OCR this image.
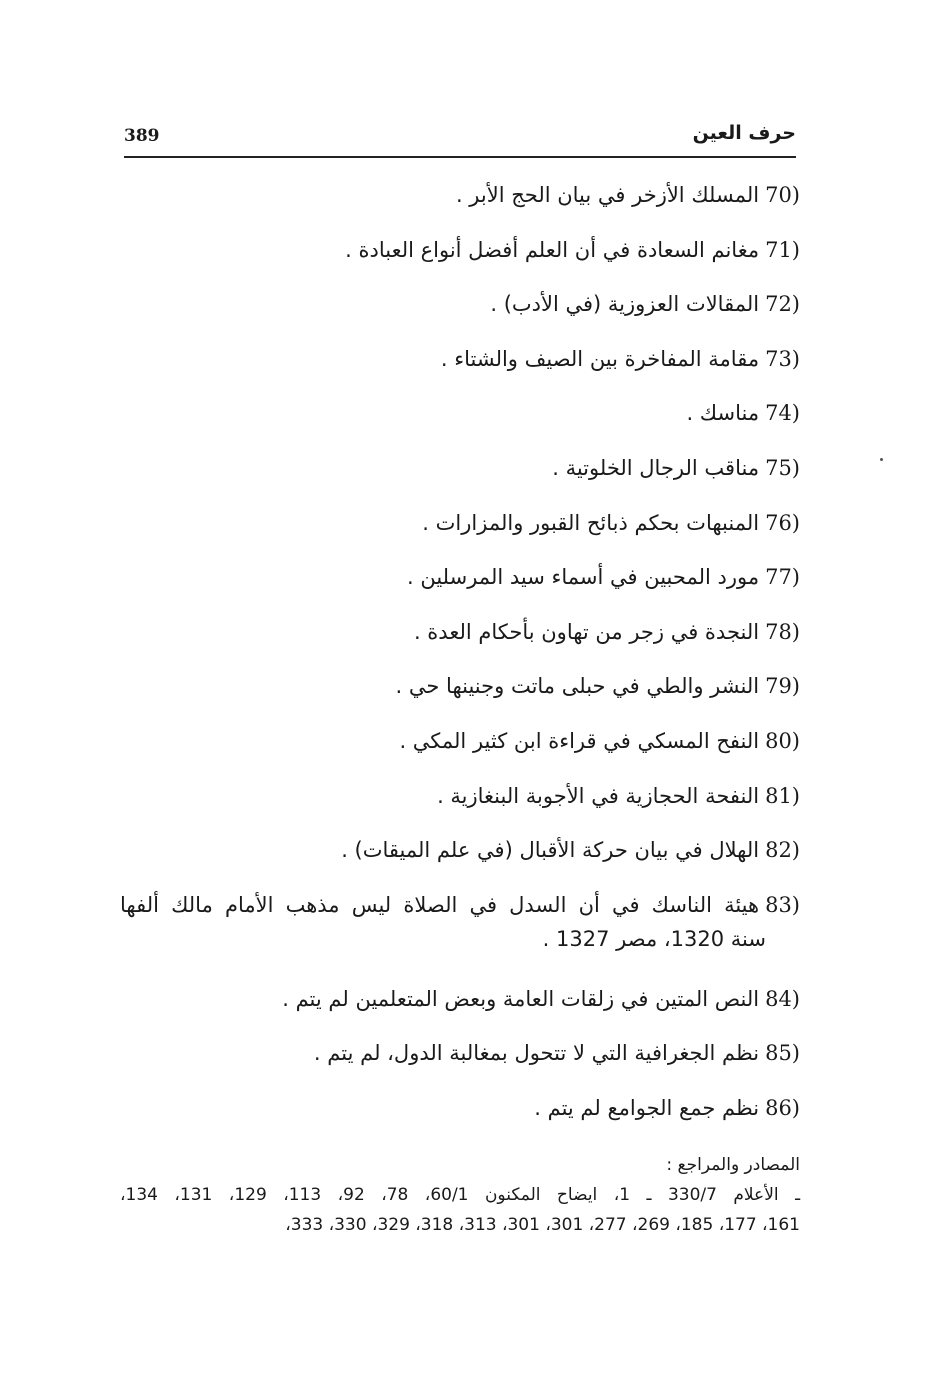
389	حرف العين
70)المسلك الأزخر في بيان الحج الأبر .
71)مغانم السعادة في أن العلم أفضل أنواع العبادة .
72)المقالات العزوزية (في الأدب) .
73)مقامة المفاخرة بين الصيف والشتاء .
74)مناسك .
75)مناقب الرجال الخلوتية .
76)المنبهات بحكم ذبائح القبور والمزارات .
77)مورد المحبين في أسماء سيد المرسلين .
78)النجدة في زجر من تهاون بأحكام العدة .
79)النشر والطي في حبلى ماتت وجنينها حي .
80)النفح المسكي في قراءة ابن كثير المكي .
81)النفحة الحجازية في الأجوبة البنغازية .
82)الهلال في بيان حركة الأقبال (في علم الميقات) .
83)هيئة الناسك في أن السدل في الصلاة ليس مذهب الأمام مالك ألفها
سنة 1320، مصر 1327 .
84)النص المتين في زلقات العامة وبعض المتعلمين لم يتم .
85)نظم الجغرافية التي لا تتحول بمغالبة الدول، لم يتم .
86)نظم جمع الجوامع لم يتم .
المصادر والمراجع :
ـ الأعلام 330/7 ـ 1، ايضاح المكنون 60/1، 78، 92، 113، 129، 131، 134،
161، 177، 185، 269، 277، 301، 301، 313، 318، 329، 330، 333،
